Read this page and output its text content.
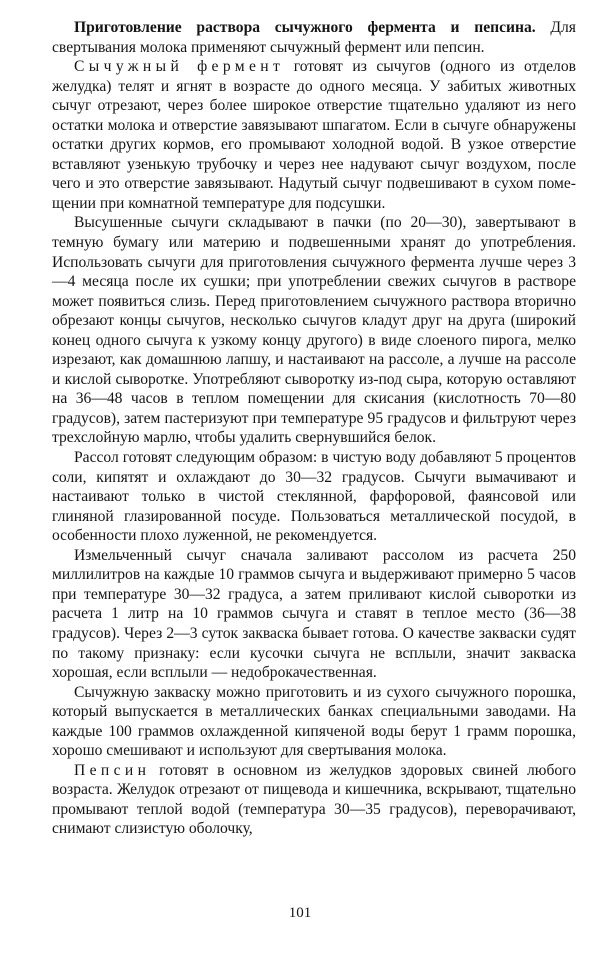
Приготовление раствора сычужного фермента и пепсина. Для свертывания молока применяют сычужный фермент или пепсин.

Сычужный фермент готовят из сычугов (одного из отделов желудка) телят и ягнят в возрасте до одного месяца. У забитых животных сычуг отрезают, через более широкое отверстие тщательно удаляют из него остатки молока и отверстие завязывают шпагатом. Если в сычуге обнаружены остатки других кормов, его промывают холодной водой. В узкое отверстие вставляют узенькую трубочку и через нее надувают сычуг воздухом, после чего и это отверстие завязывают. Надутый сычуг подвешивают в сухом помещении при комнатной температуре для подсушки.

Высушенные сычуги складывают в пачки (по 20—30), завертывают в темную бумагу или материю и подвешенными хранят до употребления. Использовать сычуги для приготовления сычужного фермента лучше через 3—4 месяца после их сушки; при употреблении свежих сычугов в растворе может появиться слизь. Перед приготовлением сычужного раствора вторично обрезают концы сычугов, несколько сычугов кладут друг на друга (широкий конец одного сычуга к узкому концу другого) в виде слоеного пирога, мелко изрезают, как домашнюю лапшу, и настаивают на рассоле, а лучше на рассоле и кислой сыворотке. Употребляют сыворотку из-под сыра, которую оставляют на 36—48 часов в теплом помещении для скисания (кислотность 70—80 градусов), затем пастеризуют при температуре 95 градусов и фильтруют через трехслойную марлю, чтобы удалить свернувшийся белок.

Рассол готовят следующим образом: в чистую воду добавляют 5 процентов соли, кипятят и охлаждают до 30—32 градусов. Сычуги вымачивают и настаивают только в чистой стеклянной, фарфоровой, фаянсовой или глиняной глазированной посуде. Пользоваться металлической посудой, в особенности плохо луженной, не рекомендуется.

Измельченный сычуг сначала заливают рассолом из расчета 250 миллилитров на каждые 10 граммов сычуга и выдерживают примерно 5 часов при температуре 30—32 градуса, а затем приливают кислой сыворотки из расчета 1 литр на 10 граммов сычуга и ставят в теплое место (36—38 градусов). Через 2—3 суток закваска бывает готова. О качестве закваски судят по такому признаку: если кусочки сычуга не всплыли, значит закваска хорошая, если всплыли — недоброкачественная.

Сычужную закваску можно приготовить и из сухого сычужного порошка, который выпускается в металлических банках специальными заводами. На каждые 100 граммов охлажденной кипяченой воды берут 1 грамм порошка, хорошо смешивают и используют для свертывания молока.

Пепсин готовят в основном из желудков здоровых свиней любого возраста. Желудок отрезают от пищевода и кишечника, вскрывают, тщательно промывают теплой водой (температура 30—35 градусов), переворачивают, снимают слизистую оболочку,

101
